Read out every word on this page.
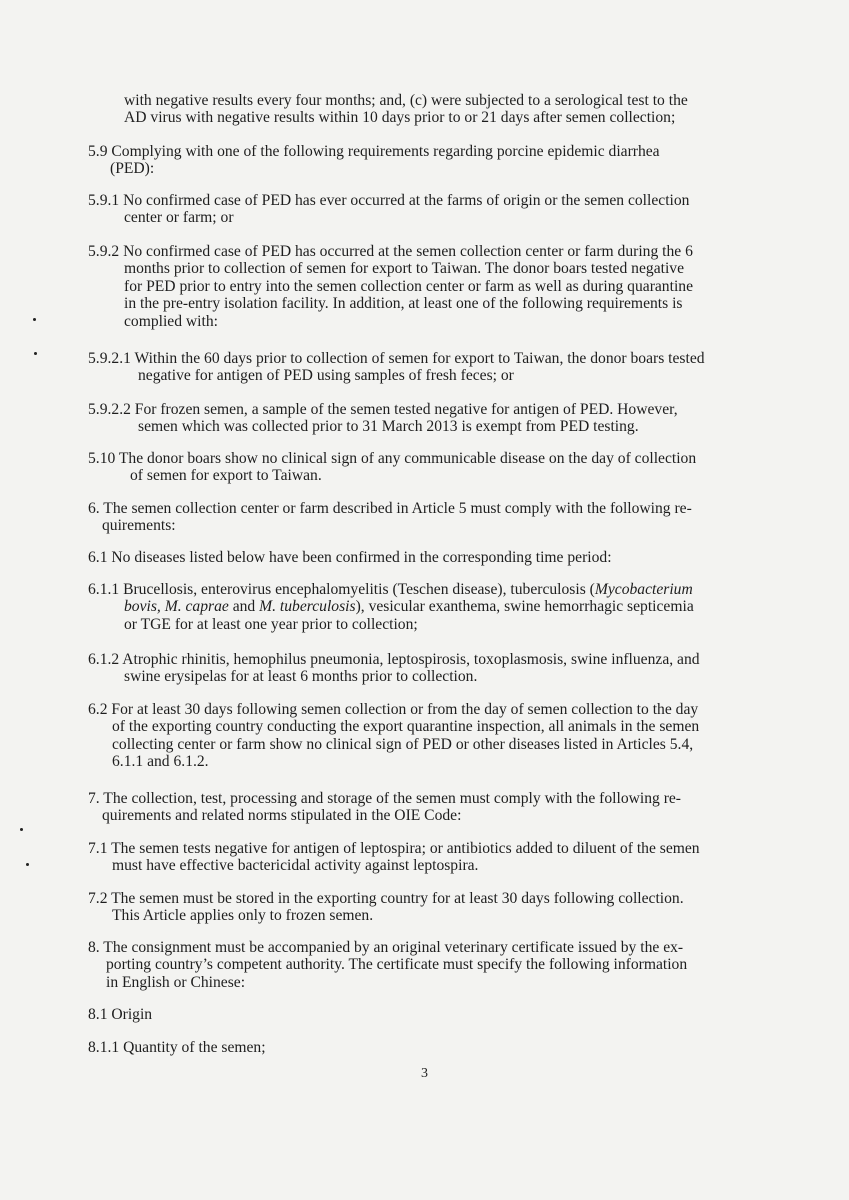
with negative results every four months; and, (c) were subjected to a serological test to the
AD virus with negative results within 10 days prior to or 21 days after semen collection;

5.9 Complying with one of the following requirements regarding porcine epidemic diarrhea
(PED):

5.9.1 No confirmed case of PED has ever occurred at the farms of origin or the semen collection
center or farm; or

5.9.2 No confirmed case of PED has occurred at the semen collection center or farm during the 6
months prior to collection of semen for export to Taiwan. The donor boars tested negative
for PED prior to entry into the semen collection center or farm as well as during quarantine
in the pre-entry isolation facility. In addition, at least one of the following requirements is
complied with:

5.9.2.1 Within the 60 days prior to collection of semen for export to Taiwan, the donor boars tested
negative for antigen of PED using samples of fresh feces; or

5.9.2.2 For frozen semen, a sample of the semen tested negative for antigen of PED. However,
semen which was collected prior to 31 March 2013 is exempt from PED testing.

5.10 The donor boars show no clinical sign of any communicable disease on the day of collection
of semen for export to Taiwan.

6. The semen collection center or farm described in Article 5 must comply with the following re-
quirements:

6.1 No diseases listed below have been confirmed in the corresponding time period:

6.1.1 Brucellosis, enterovirus encephalomyelitis (Teschen disease), tuberculosis (Mycobacterium
bovis, M. caprae and M. tuberculosis), vesicular exanthema, swine hemorrhagic septicemia
or TGE for at least one year prior to collection;

6.1.2 Atrophic rhinitis, hemophilus pneumonia, leptospirosis, toxoplasmosis, swine influenza, and
swine erysipelas for at least 6 months prior to collection.

6.2 For at least 30 days following semen collection or from the day of semen collection to the day
of the exporting country conducting the export quarantine inspection, all animals in the semen
collecting center or farm show no clinical sign of PED or other diseases listed in Articles 5.4,
6.1.1 and 6.1.2.

7. The collection, test, processing and storage of the semen must comply with the following re-
quirements and related norms stipulated in the OIE Code:

7.1 The semen tests negative for antigen of leptospira; or antibiotics added to diluent of the semen
must have effective bactericidal activity against leptospira.

7.2 The semen must be stored in the exporting country for at least 30 days following collection.
This Article applies only to frozen semen.

8. The consignment must be accompanied by an original veterinary certificate issued by the ex-
porting country’s competent authority. The certificate must specify the following information
in English or Chinese:

8.1 Origin

8.1.1 Quantity of the semen;

3
